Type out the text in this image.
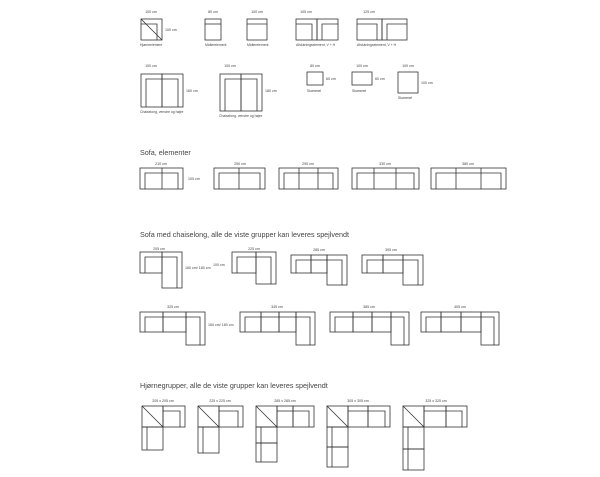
100 cm
100 cm
Hjørneelement
80 cm
Midterelement
100 cm
Midterelement
105 cm
Afslutningselement, V + H
125 cm
Afslutningselement, V + H
100 cm
160 cm
Chaiselong, venstre og højre
100 cm
180 cm
Chaiselong, venstre og højre
80 cm
60 cm
Skammel
100 cm
60 cm
Skammel
100 cm
100 cm
Skammel
210 cm
100 cm
250 cm	290 cm	330 cm	380 cm
205 cm
160 cm/ 180 cm
100 cm
225 cm	285 cm	305 cm
325 cm
160 cm/ 180 cm
345 cm	385 cm	405 cm
205 x 205 cm	225 x 225 cm	285 x 285 cm	305 x 305 cm	325 x 325 cm
Sofa, elementer
Sofa med chaiselong, alle de viste grupper kan leveres spejlvendt
Hjørnegrupper, alle de viste grupper kan leveres spejlvendt
